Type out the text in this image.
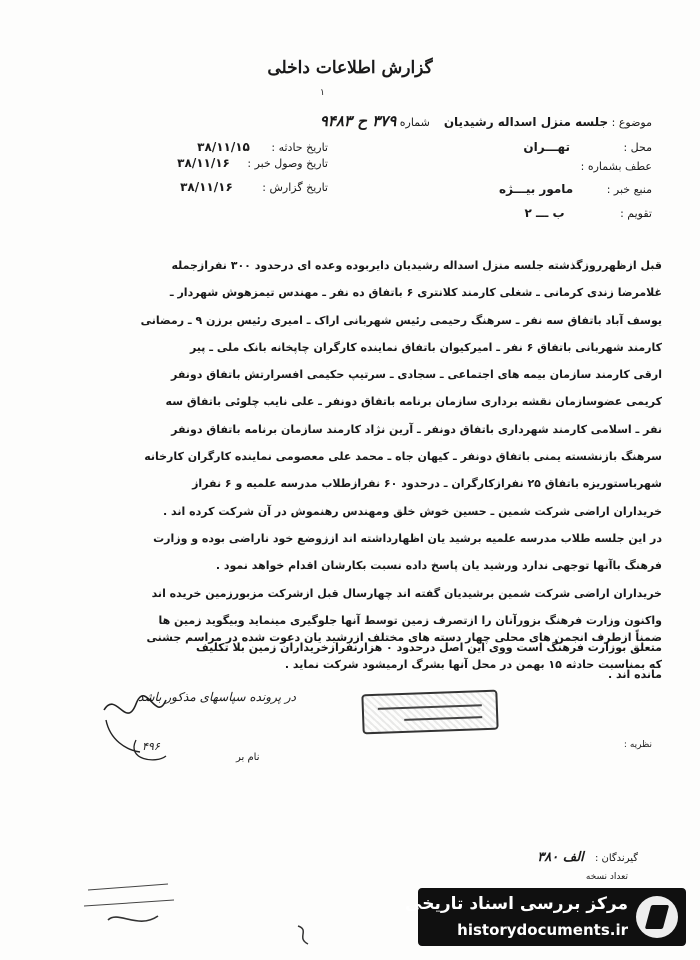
گزارش اطلاعات داخلی
۱
موضوع : جلسه منزل اسداله رشیدیان    شماره ۳۷۹ ح ۹۴۸۳
محل : تهـــران
تاریخ حادثه : ۳۸/۱۱/۱۵
عطف بشماره :
تاریخ وصول خبر : ۳۸/۱۱/۱۶
منبع خبر : مامور بیـــژه
تاریخ گزارش : ۳۸/۱۱/۱۶
تقویم : ب ـــ ۲
قبل ازظهرروزگذشته جلسه منزل اسداله رشیدیان دایربوده وعده ای درحدود ۳۰۰ نفرازجمله
غلامرضا زندی کرمانی ـ شغلی کارمند کلانتری ۶ باتفاق ده نفر ـ مهندس تیمزهوش شهردار ـ
یوسف آباد باتفاق سه نفر ـ سرهنگ رحیمی رئیس شهربانی اراک ـ امیری رئیس برزن ۹ ـ رمضانی
کارمند شهربانی باتفاق ۶ نفر ـ امیرکیوان باتفاق نماینده کارگران چاپخانه بانک ملی ـ پیر
ارقی کارمند سازمان بیمه های اجتماعی ـ سجادی ـ سرتیپ حکیمی افسرارتش باتفاق دونفر
کریمی عضوسازمان نقشه برداری سازمان برنامه باتفاق دونفر ـ علی نایب چلوئی باتفاق سه
نفر ـ اسلامی کارمند شهرداری باتفاق دونفر ـ آرین نژاد کارمند سازمان برنامه باتفاق دونفر
سرهنگ بازنشسته یمنی باتفاق دونفر ـ کیهان جاه ـ محمد علی معصومی نماینده کارگران کارخانه
شهرباستوریزه باتفاق ۲۵ نفرازکارگران ـ درحدود ۶۰ نفرازطلاب مدرسه علمیه و ۶ نفراز
خریداران اراضی شرکت شمین ـ حسین خوش خلق ومهندس رهنموش در آن شرکت کرده اند .
در این جلسه طلاب مدرسه علمیه برشید یان اظهارداشته اند اززوضع خود ناراضی بوده و وزارت
فرهنگ باآنها توجهی ندارد ورشید یان پاسخ داده نسبت بکارشان اقدام خواهد نمود .
خریداران اراضی شرکت شمین برشیدیان گفته اند چهارسال قبل ازشرکت مزبورزمین خریده اند
واکنون وزارت فرهنگ بزورآنان را ازتصرف زمین توسط آنها جلوگیری مینماید وبیگوید زمین ها
متعلق بوزارت فرهنگ است ووی این اصل درحدود ۰ هزارنفرازخریداران زمین بلا تکلیف
مانده اند .
ضمناً ازطرف انجمن های محلی چهار دسته های مختلف ازرشید یان دعوت شده در مراسم جشنی
که بمناسبت حادثه ۱۵ بهمن در محل آنها بشرگ ارمیشود شرکت نماید .
در پرونده سپاسهای مذکور باشد
۴۹۶
نام بر
نظریه :
گیرندگان : الف ۳۸۰
تعداد نسخه
مرکز بررسی اسناد تاریخی
historydocuments.ir
